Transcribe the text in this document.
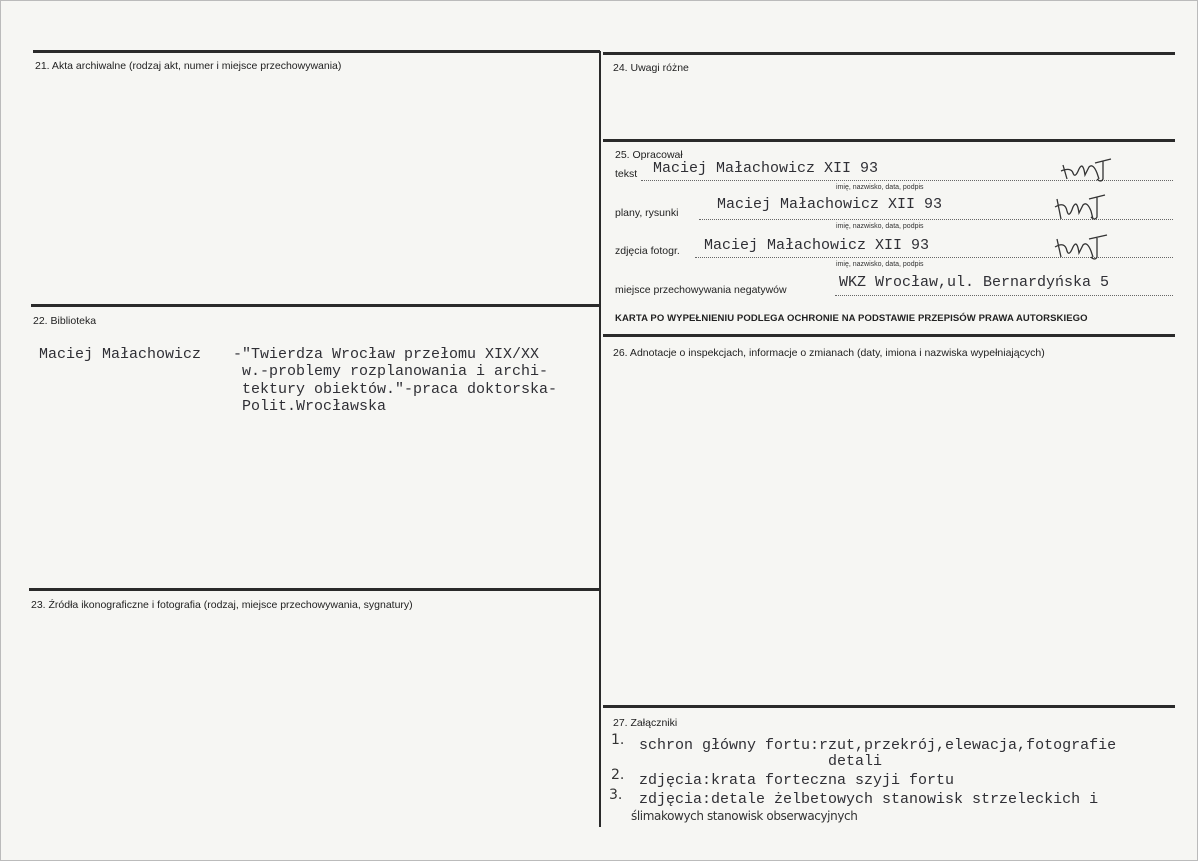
21. Akta archiwalne (rodzaj akt, numer i miejsce przechowywania)
22. Biblioteka
Maciej Małachowicz -"Twierdza Wrocław przełomu XIX/XX
w.-problemy rozplanowania i archi-
tektury obiektów."-praca doktorska-
Polit.Wrocławska
23. Źródła ikonograficzne i fotografia (rodzaj, miejsce przechowywania, sygnatury)
24. Uwagi różne
25. Opracował
tekst Maciej Małachowicz XII 93
imię, nazwisko, data, podpis
plany, rysunki	Maciej Małachowicz XII 93
imię, nazwisko, data, podpis
zdjęcia fotogr. Maciej Małachowicz XII 93
imię, nazwisko, data, podpis
miejsce przechowywania negatywów	WKZ Wrocław,ul. Bernardyńska 5
KARTA PO WYPEŁNIENIU PODLEGA OCHRONIE NA PODSTAWIE PRZEPISÓW PRAWA AUTORSKIEGO
26. Adnotacje o inspekcjach, informacje o zmianach (daty, imiona i nazwiska wypełniających)
27. Załączniki
1. schron główny fortu:rzut,przekrój,elewacja,fotografie
detali
2. zdjęcia:krata forteczna szyji fortu
3. zdjęcia:detale żelbetowych stanowisk strzeleckich i
ślimakowych stanowisk obserwacyjnych
